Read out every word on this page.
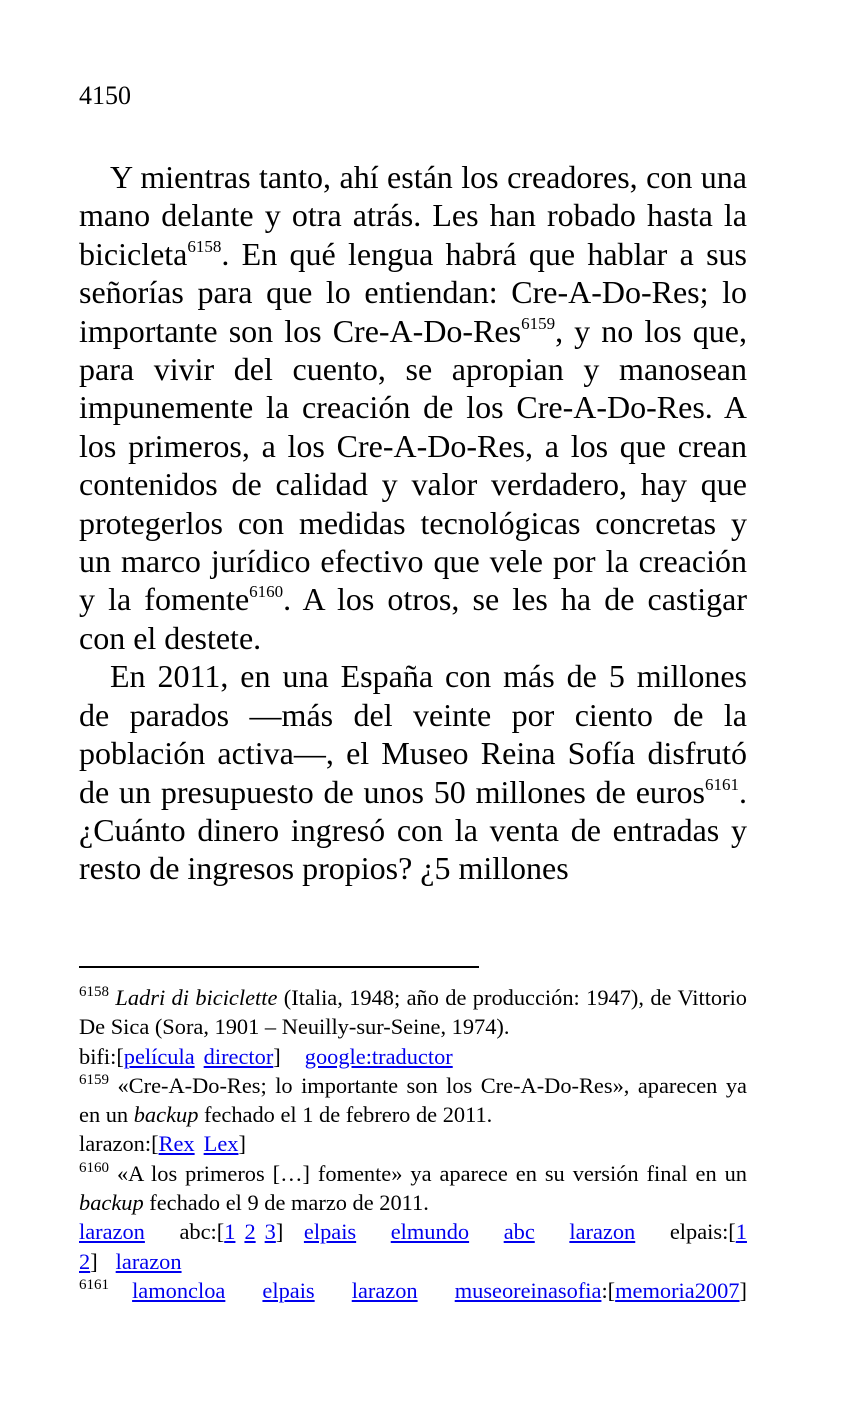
4150

Y mientras tanto, ahí están los creadores, con una mano delante y otra atrás. Les han robado hasta la bicicleta$^{6158}$. En qué lengua habrá que hablar a sus señorías para que lo entiendan: Cre-A-Do-Res; lo importante son los Cre-A-Do-Res$^{6159}$, y no los que, para vivir del cuento, se apropian y manosean impunemente la creación de los Cre-A-Do-Res. A los primeros, a los Cre-A-Do-Res, a los que crean contenidos de calidad y valor verdadero, hay que protegerlos con medidas tecnológicas concretas y un marco jurídico efectivo que vele por la creación y la fomente$^{6160}$. A los otros, se les ha de castigar con el destete.

En 2011, en una España con más de 5 millones de parados —más del veinte por ciento de la población activa—, el Museo Reina Sofía disfrutó de un presupuesto de unos 50 millones de euros$^{6161}$. ¿Cuánto dinero ingresó con la venta de entradas y resto de ingresos propios? ¿5 millones

$^{6158}$ Ladri di biciclette (Italia, 1948; año de producción: 1947), de Vittorio De Sica (Sora, 1901 – Neuilly-sur-Seine, 1974).
bifi:[película director] google:traductor
$^{6159}$ «Cre-A-Do-Res; lo importante son los Cre-A-Do-Res», aparecen ya en un backup fechado el 1 de febrero de 2011.
larazon:[Rex Lex]
$^{6160}$ «A los primeros […] fomente» ya aparece en su versión final en un backup fechado el 9 de marzo de 2011.
larazon abc:[1 2 3] elpais elmundo abc larazon elpais:[1
2] larazon
$^{6161}$ lamoncloa elpais larazon museoreinasofia:[memoria2007]
